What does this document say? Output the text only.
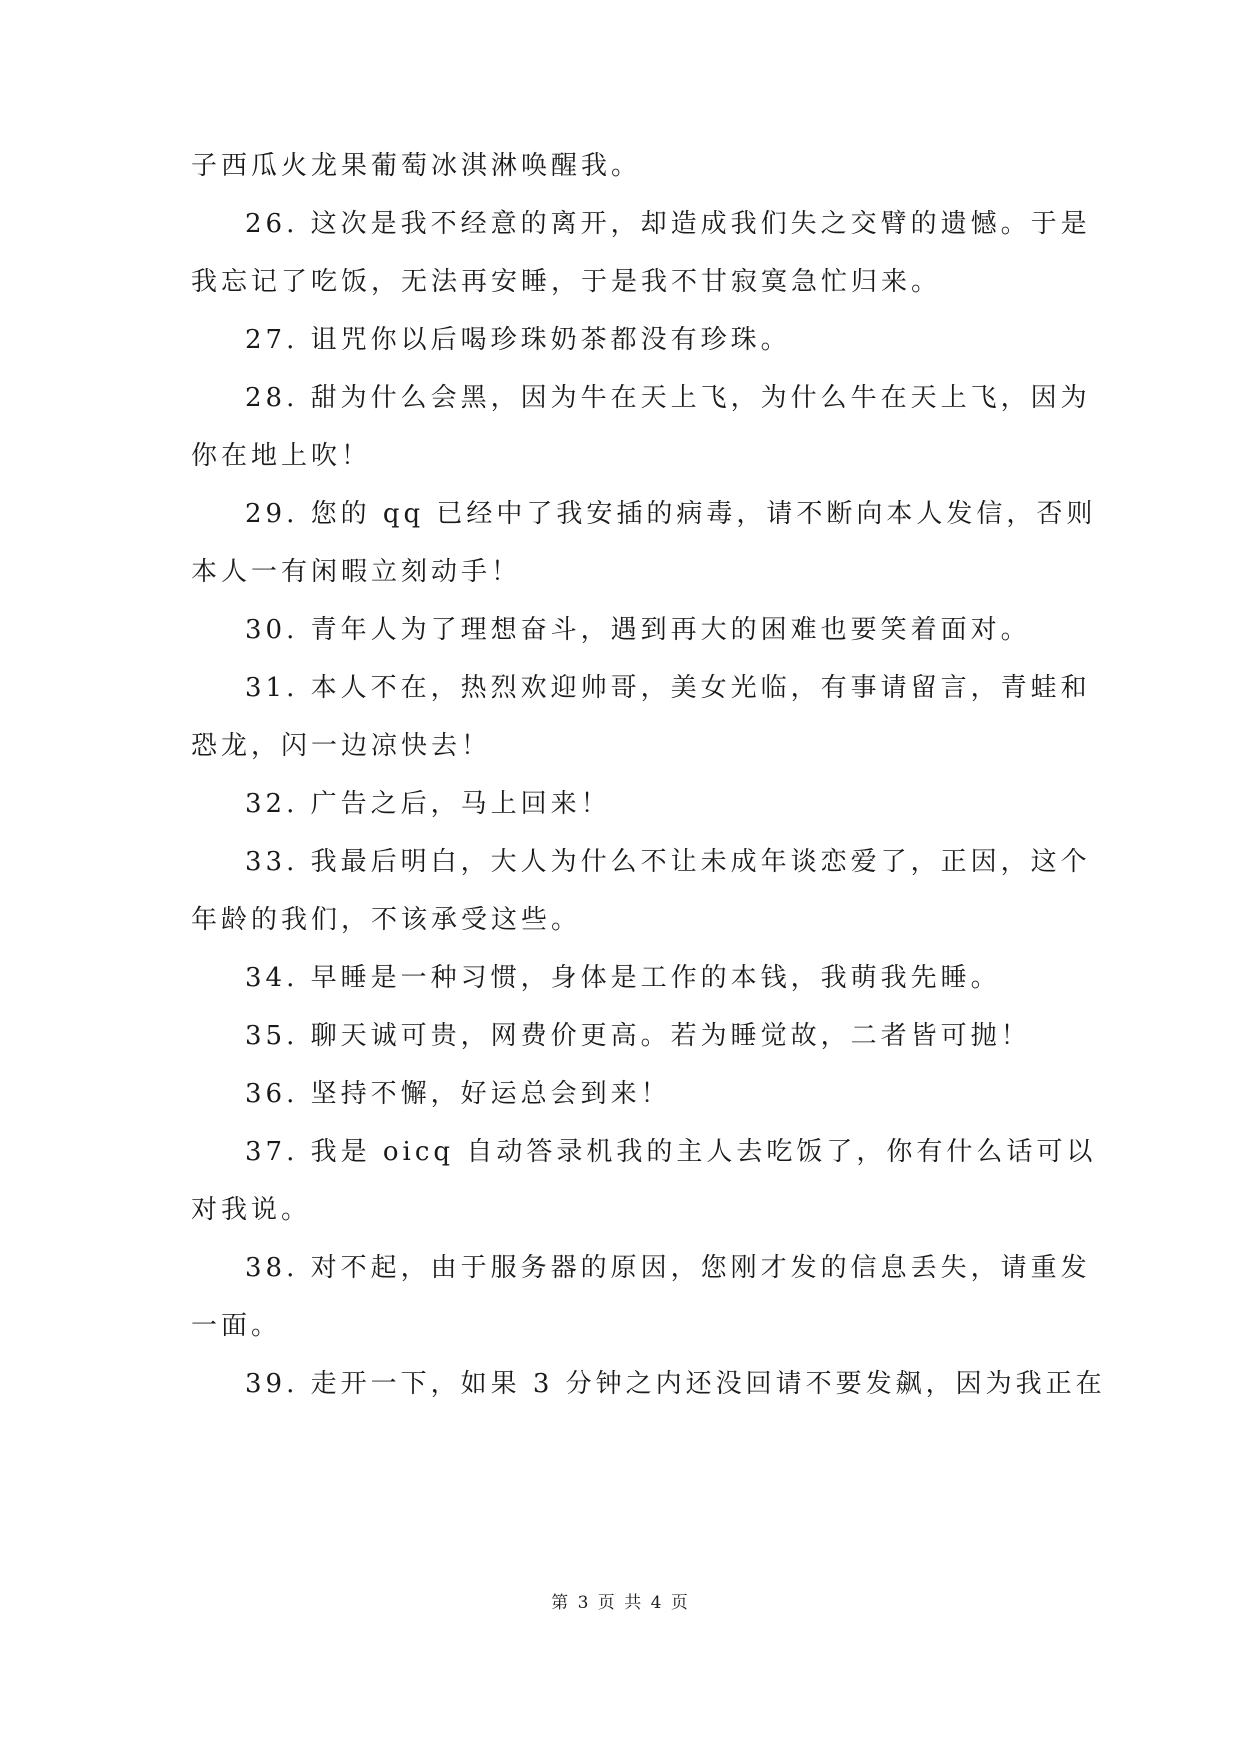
子西瓜火龙果葡萄冰淇淋唤醒我。
26. 这次是我不经意的离开，却造成我们失之交臂的遗憾。于是
我忘记了吃饭，无法再安睡，于是我不甘寂寞急忙归来。
27. 诅咒你以后喝珍珠奶茶都没有珍珠。
28. 甜为什么会黑，因为牛在天上飞，为什么牛在天上飞，因为
你在地上吹！
29. 您的 qq 已经中了我安插的病毒，请不断向本人发信，否则
本人一有闲暇立刻动手！
30. 青年人为了理想奋斗，遇到再大的困难也要笑着面对。
31. 本人不在，热烈欢迎帅哥，美女光临，有事请留言，青蛙和
恐龙，闪一边凉快去！
32. 广告之后，马上回来！
33. 我最后明白，大人为什么不让未成年谈恋爱了，正因，这个
年龄的我们，不该承受这些。
34. 早睡是一种习惯，身体是工作的本钱，我萌我先睡。
35. 聊天诚可贵，网费价更高。若为睡觉故，二者皆可抛！
36. 坚持不懈，好运总会到来！
37. 我是 oicq 自动答录机我的主人去吃饭了，你有什么话可以
对我说。
38. 对不起，由于服务器的原因，您刚才发的信息丢失，请重发
一面。
39. 走开一下，如果 3 分钟之内还没回请不要发飙，因为我正在
第 3 页 共 4 页
